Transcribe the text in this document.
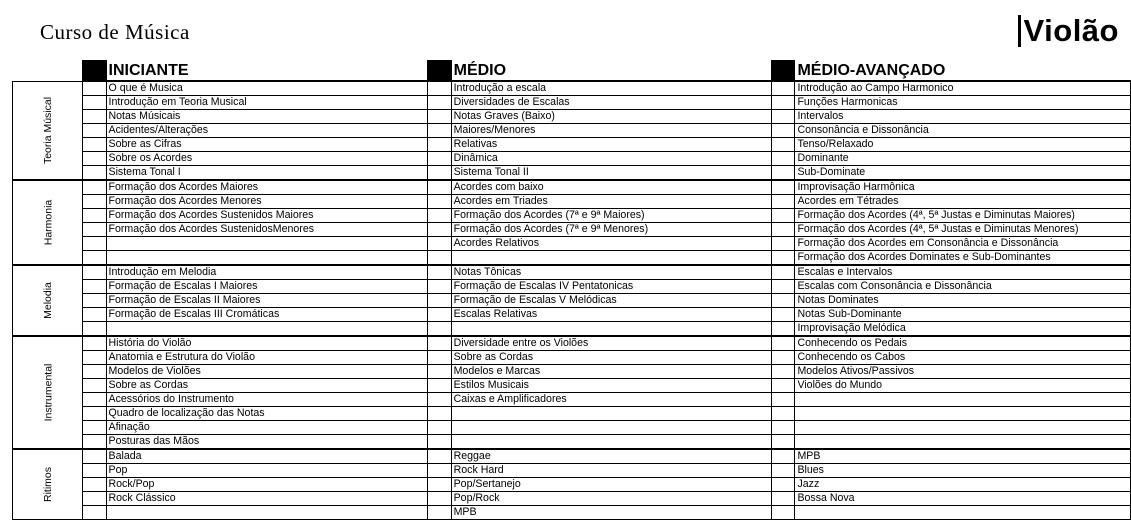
Curso de Música	Violão
		INICIANTE		MÉDIO		MÉDIO-AVANÇADO
Teoria Músical		O que é Musica		Introdução a escala		Introdução ao Campo Harmonico
		Introdução em Teoria Musical		Diversidades de Escalas		Funções Harmonicas
		Notas Músicais		Notas Graves (Baixo)		Intervalos
		Acidentes/Alterações		Maiores/Menores		Consonância e Dissonância
		Sobre as Cifras		Relativas		Tenso/Relaxado
		Sobre os Acordes		Dinâmica		Dominante
		Sistema Tonal I		Sistema Tonal II		Sub-Dominate
Harmonia		Formação dos Acordes Maiores		Acordes com baixo		Improvisação Harmônica
		Formação dos Acordes Menores		Acordes em Triades		Acordes em Tétrades
		Formação dos Acordes Sustenidos Maiores		Formação dos Acordes (7ª e 9ª Maiores)		Formação dos Acordes (4ª, 5ª Justas e Diminutas Maiores)
		Formação dos Acordes SustenidosMenores		Formação dos Acordes (7ª e 9ª Menores)		Formação dos Acordes (4ª, 5ª Justas e Diminutas Menores)
				Acordes Relativos		Formação dos Acordes em Consonância e Dissonância
						Formação dos Acordes Dominates e Sub-Dominantes
Melodia		Introdução em Melodia		Notas Tônicas		Escalas e Intervalos
		Formação de Escalas I Maiores		Formação de Escalas IV Pentatonicas		Escalas com Consonância e Dissonância
		Formação de Escalas II Maiores		Formação de Escalas V Melódicas		Notas Dominates
		Formação de Escalas III Cromáticas		Escalas Relativas		Notas Sub-Dominante
						Improvisação Melódica
Instrumental		História do Violão		Diversidade entre os Violões		Conhecendo os Pedais
		Anatomia e Estrutura do Violão		Sobre as Cordas		Conhecendo os Cabos
		Modelos de Violões		Modelos e Marcas		Modelos Ativos/Passivos
		Sobre as Cordas		Estilos Musicais		Violões do Mundo
		Acessórios do Instrumento		Caixas e Amplificadores		
		Quadro de localização das Notas				
		Afinação				
		Posturas das Mãos				
Ritimos		Balada		Reggae		MPB
		Pop		Rock Hard		Blues
		Rock/Pop		Pop/Sertanejo		Jazz
		Rock Clássico		Pop/Rock		Bossa Nova
				MPB		
